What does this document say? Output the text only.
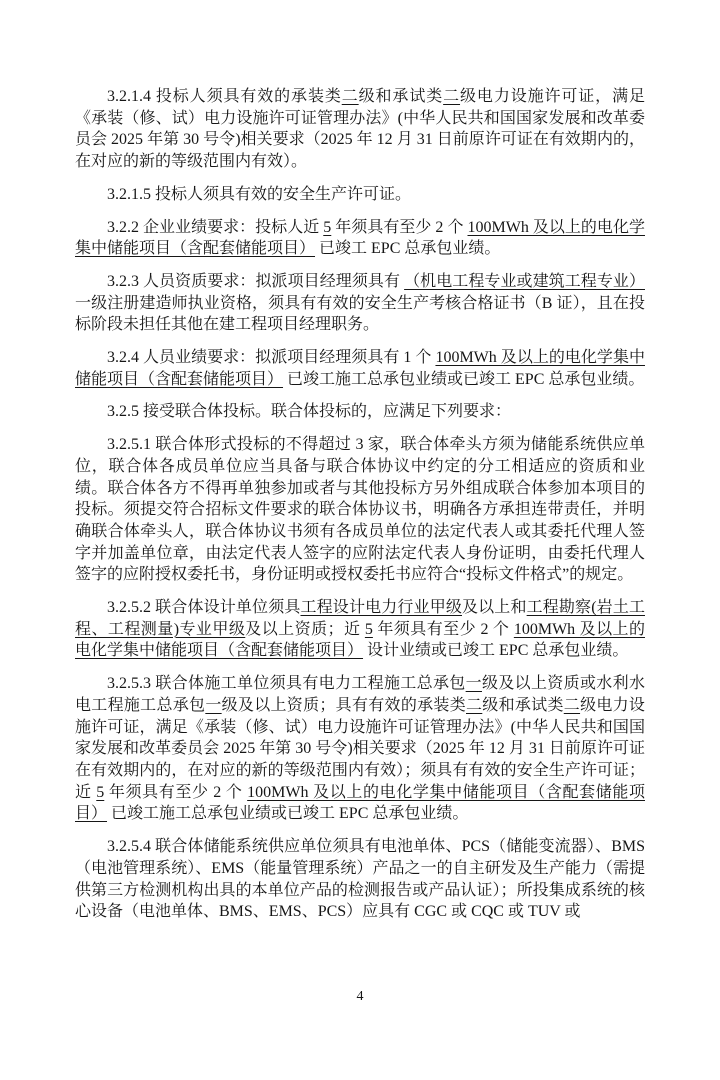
3.2.1.4 投标人须具有效的承装类二级和承试类二级电力设施许可证，满足《承装（修、试）电力设施许可证管理办法》(中华人民共和国国家发展和改革委员会 2025 年第 30 号令)相关要求（2025 年 12 月 31 日前原许可证在有效期内的，在对应的新的等级范围内有效）。

3.2.1.5 投标人须具有效的安全生产许可证。

3.2.2 企业业绩要求：投标人近 5 年须具有至少 2 个 100MWh 及以上的电化学集中储能项目（含配套储能项目） 已竣工 EPC 总承包业绩。

3.2.3 人员资质要求：拟派项目经理须具有 （机电工程专业或建筑工程专业） 一级注册建造师执业资格，须具有有效的安全生产考核合格证书（B 证），且在投标阶段未担任其他在建工程项目经理职务。

3.2.4 人员业绩要求：拟派项目经理须具有 1 个 100MWh 及以上的电化学集中储能项目（含配套储能项目） 已竣工施工总承包业绩或已竣工 EPC 总承包业绩。

3.2.5 接受联合体投标。联合体投标的，应满足下列要求：

3.2.5.1 联合体形式投标的不得超过 3 家，联合体牵头方须为储能系统供应单位，联合体各成员单位应当具备与联合体协议中约定的分工相适应的资质和业绩。联合体各方不得再单独参加或者与其他投标方另外组成联合体参加本项目的投标。须提交符合招标文件要求的联合体协议书，明确各方承担连带责任，并明确联合体牵头人，联合体协议书须有各成员单位的法定代表人或其委托代理人签字并加盖单位章，由法定代表人签字的应附法定代表人身份证明，由委托代理人签字的应附授权委托书，身份证明或授权委托书应符合“投标文件格式”的规定。

3.2.5.2 联合体设计单位须具工程设计电力行业甲级及以上和工程勘察(岩土工程、工程测量)专业甲级及以上资质；近 5 年须具有至少 2 个 100MWh 及以上的电化学集中储能项目（含配套储能项目） 设计业绩或已竣工 EPC 总承包业绩。

3.2.5.3 联合体施工单位须具有电力工程施工总承包一级及以上资质或水利水电工程施工总承包一级及以上资质；具有有效的承装类二级和承试类二级电力设施许可证，满足《承装（修、试）电力设施许可证管理办法》(中华人民共和国国家发展和改革委员会 2025 年第 30 号令)相关要求（2025 年 12 月 31 日前原许可证在有效期内的，在对应的新的等级范围内有效）；须具有有效的安全生产许可证；近 5 年须具有至少 2 个 100MWh 及以上的电化学集中储能项目（含配套储能项目） 已竣工施工总承包业绩或已竣工 EPC 总承包业绩。

3.2.5.4 联合体储能系统供应单位须具有电池单体、PCS（储能变流器）、BMS（电池管理系统）、EMS（能量管理系统）产品之一的自主研发及生产能力（需提供第三方检测机构出具的本单位产品的检测报告或产品认证）；所投集成系统的核心设备（电池单体、BMS、EMS、PCS）应具有 CGC 或 CQC 或 TUV 或

4
